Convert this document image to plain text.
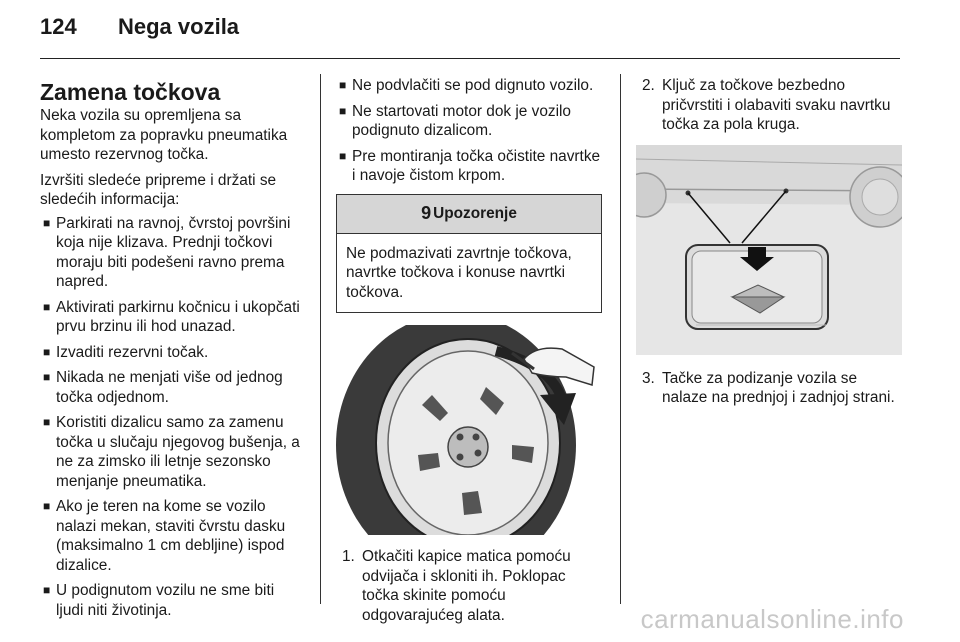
124	Nega vozila
Zamena točkova

Neka vozila su opremljena sa kompletom za popravku pneumatika umesto rezervnog točka.

Izvršiti sledeće pripreme i držati se sledećih informacija:

■ Parkirati na ravnoj, čvrstoj površini koja nije klizava. Prednji točkovi moraju biti podešeni ravno prema napred.
■ Aktivirati parkirnu kočnicu i ukopčati prvu brzinu ili hod unazad.
■ Izvaditi rezervni točak.
■ Nikada ne menjati više od jednog točka odjednom.
■ Koristiti dizalicu samo za zamenu točka u slučaju njegovog bušenja, a ne za zimsko ili letnje sezonsko menjanje pneumatika.
■ Ako je teren na kome se vozilo nalazi mekan, staviti čvrstu dasku (maksimalno 1 cm debljine) ispod dizalice.
■ U podignutom vozilu ne sme biti ljudi niti životinja.
■ Ne podvlačiti se pod dignuto vozilo.
■ Ne startovati motor dok je vozilo podignuto dizalicom.
■ Pre montiranja točka očistite navrtke i navoje čistom krpom.
9 Upozorenje
Ne podmazivati zavrtnje točkova, navrtke točkova i konuse navrtki točkova.
1. Otkačiti kapice matica pomoću odvijača i skloniti ih. Poklopac točka skinite pomoću odgovarajućeg alata.
2. Ključ za točkove bezbedno pričvrstiti i olabaviti svaku navrtku točka za pola kruga.
3. Tačke za podizanje vozila se nalaze na prednjoj i zadnjoj strani.
carmanualsonline.info
